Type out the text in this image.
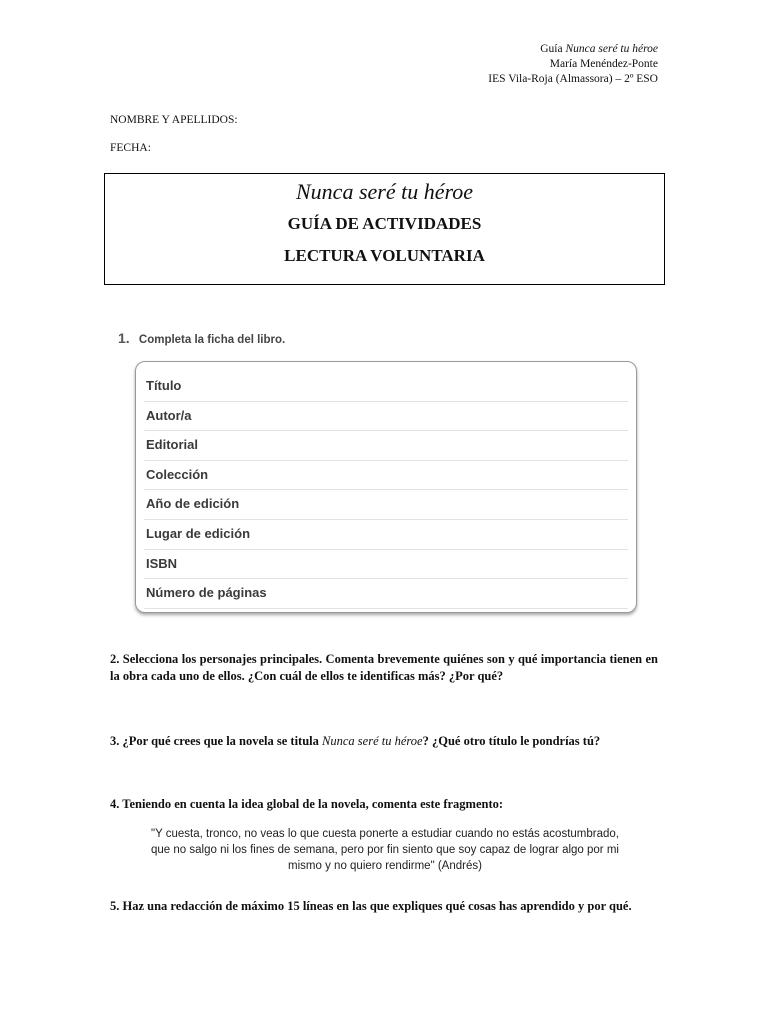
Guía Nunca seré tu héroe
María Menéndez-Ponte
IES Vila-Roja (Almassora) – 2º ESO
NOMBRE Y APELLIDOS:
FECHA:
Nunca seré tu héroe
GUÍA DE ACTIVIDADES
LECTURA VOLUNTARIA
1. Completa la ficha del libro.
Título
Autor/a
Editorial
Colección
Año de edición
Lugar de edición
ISBN
Número de páginas
2. Selecciona los personajes principales. Comenta brevemente quiénes son y qué importancia tienen en la obra cada uno de ellos. ¿Con cuál de ellos te identificas más? ¿Por qué?
3. ¿Por qué crees que la novela se titula Nunca seré tu héroe? ¿Qué otro título le pondrías tú?
4. Teniendo en cuenta la idea global de la novela, comenta este fragmento:
"Y cuesta, tronco, no veas lo que cuesta ponerte a estudiar cuando no estás acostumbrado, que no salgo ni los fines de semana, pero por fin siento que soy capaz de lograr algo por mi mismo y no quiero rendirme" (Andrés)
5. Haz una redacción de máximo 15 líneas en las que expliques qué cosas has aprendido y por qué.
